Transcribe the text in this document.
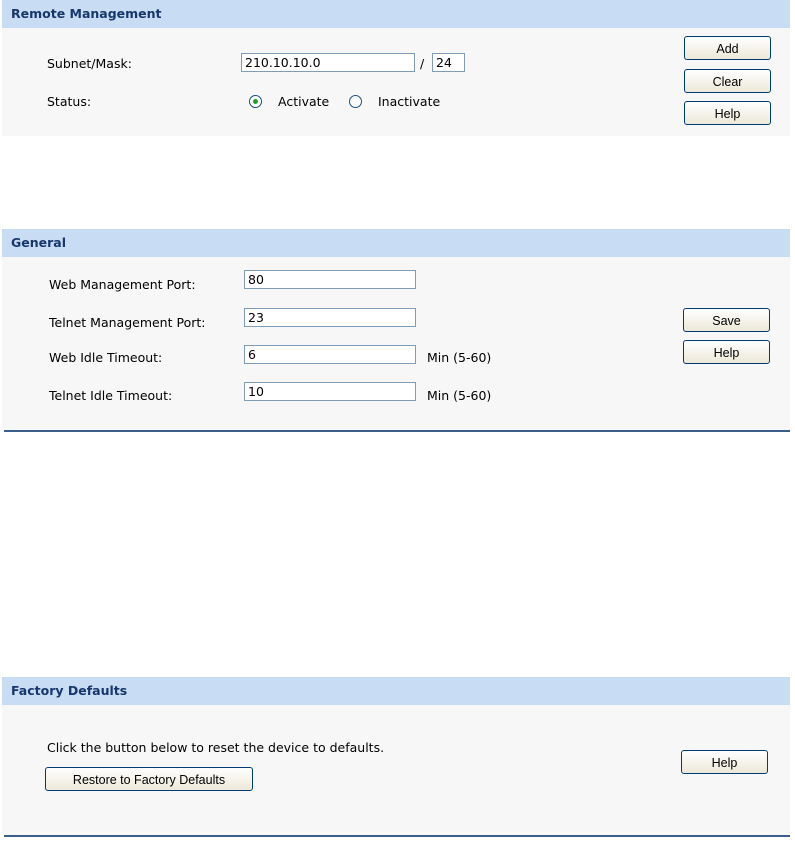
Remote Management
Subnet/Mask:
210.10.10.0	/
24
Status:	Activate	Inactivate
Add
Clear
Help
General
Web Management Port:
80
Telnet Management Port:
23
Web Idle Timeout:
6	Min (5-60)
Telnet Idle Timeout:
10	Min (5-60)
Save
Help
Factory Defaults
Click the button below to reset the device to defaults.
Restore to Factory Defaults
Help
